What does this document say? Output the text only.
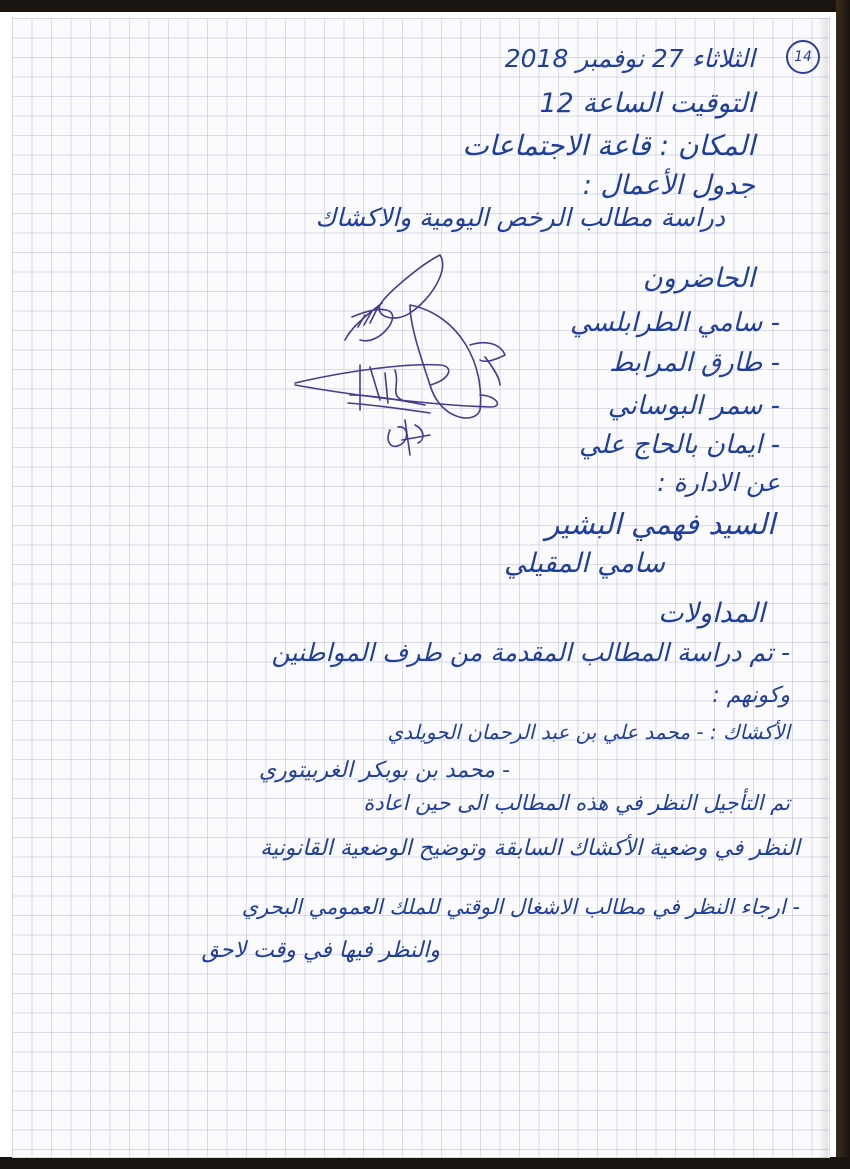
14
الثلاثاء 27 نوفمبر 2018
التوقيت الساعة 12
المكان : قاعة الاجتماعات
جدول الأعمال :
دراسة مطالب الرخص اليومية والاكشاك
الحاضرون
- سامي الطرابلسي
- طارق المرابط
- سمر البوساني
- ايمان بالحاج علي
عن الادارة :
السيد فهمي البشير
سامي المقيلي
المداولات
- تم دراسة المطالب المقدمة من طرف المواطنين
وكونهم :
الأكشاك : - محمد علي بن عبد الرحمان الحويلدي
- محمد بن بوبكر الغربيتوري
تم التأجيل النظر في هذه المطالب الى حين اعادة
النظر في وضعية الأكشاك السابقة وتوضيح الوضعية القانونية
- ارجاء النظر في مطالب الاشغال الوقتي للملك العمومي البحري
والنظر فيها في وقت لاحق
